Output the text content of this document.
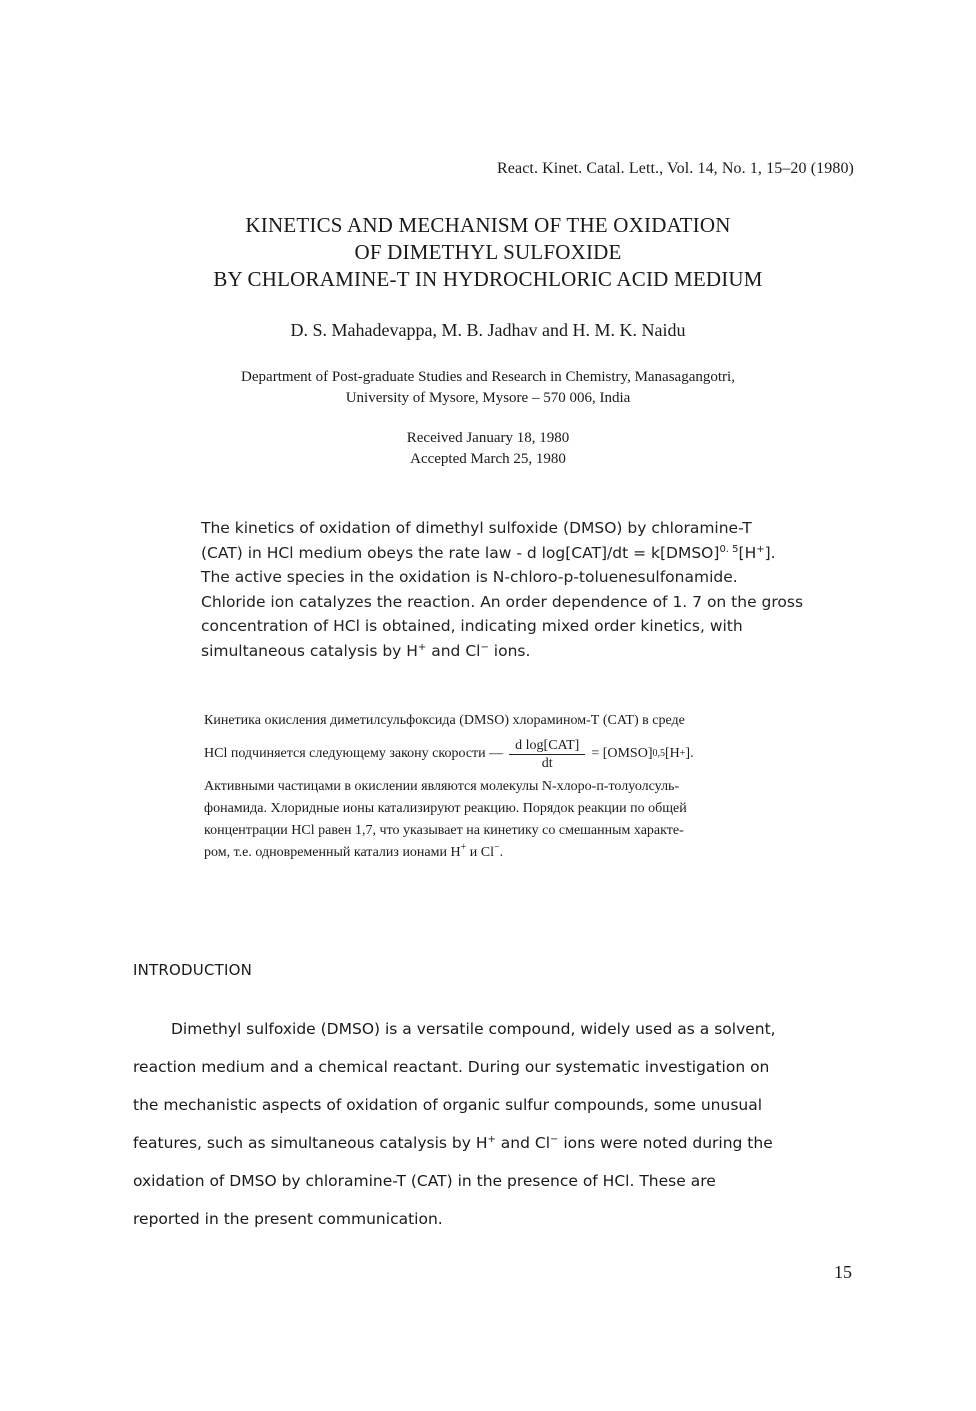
React. Kinet. Catal. Lett., Vol. 14, No. 1, 15–20 (1980)
KINETICS AND MECHANISM OF THE OXIDATION
OF DIMETHYL SULFOXIDE
BY CHLORAMINE-T IN HYDROCHLORIC ACID MEDIUM
D. S. Mahadevappa, M. B. Jadhav and H. M. K. Naidu
Department of Post-graduate Studies and Research in Chemistry, Manasagangotri,
University of Mysore, Mysore – 570 006, India
Received January 18, 1980
Accepted March 25, 1980
The kinetics of oxidation of dimethyl sulfoxide (DMSO) by chloramine-T
(CAT) in HCl medium obeys the rate law - d log[CAT]/dt = k[DMSO]$^{0. 5}$[H+].
The active species in the oxidation is N-chloro-p-toluenesulfonamide.
Chloride ion catalyzes the reaction. An order dependence of 1. 7 on the gross
concentration of HCl is obtained, indicating mixed order kinetics, with
simultaneous catalysis by H+ and Cl− ions.
Кинетика окисления диметилсульфоксида (DMSO) хлорамином-Т (CAT) в среде
HCl подчиняется следующему закону скорости — $\frac{\text{d log[CAT]}}{dt}$ = [OMSO] 0,5 [H + ].
Активными частицами в окислении являются молекулы N-хлоро-п-толуолсуль-
фонамида. Хлоридные ионы катализируют реакцию. Порядок реакции по общей
концентрации HCl равен 1,7, что указывает на кинетику со смешанным характе-
ром, т.е. одновременный катализ ионами H+ и Cl−.
INTRODUCTION
Dimethyl sulfoxide (DMSO) is a versatile compound, widely used as a solvent,
reaction medium and a chemical reactant. During our systematic investigation on
the mechanistic aspects of oxidation of organic sulfur compounds, some unusual
features, such as simultaneous catalysis by H+ and Cl− ions were noted during the
oxidation of DMSO by chloramine-T (CAT) in the presence of HCl. These are
reported in the present communication.
15
